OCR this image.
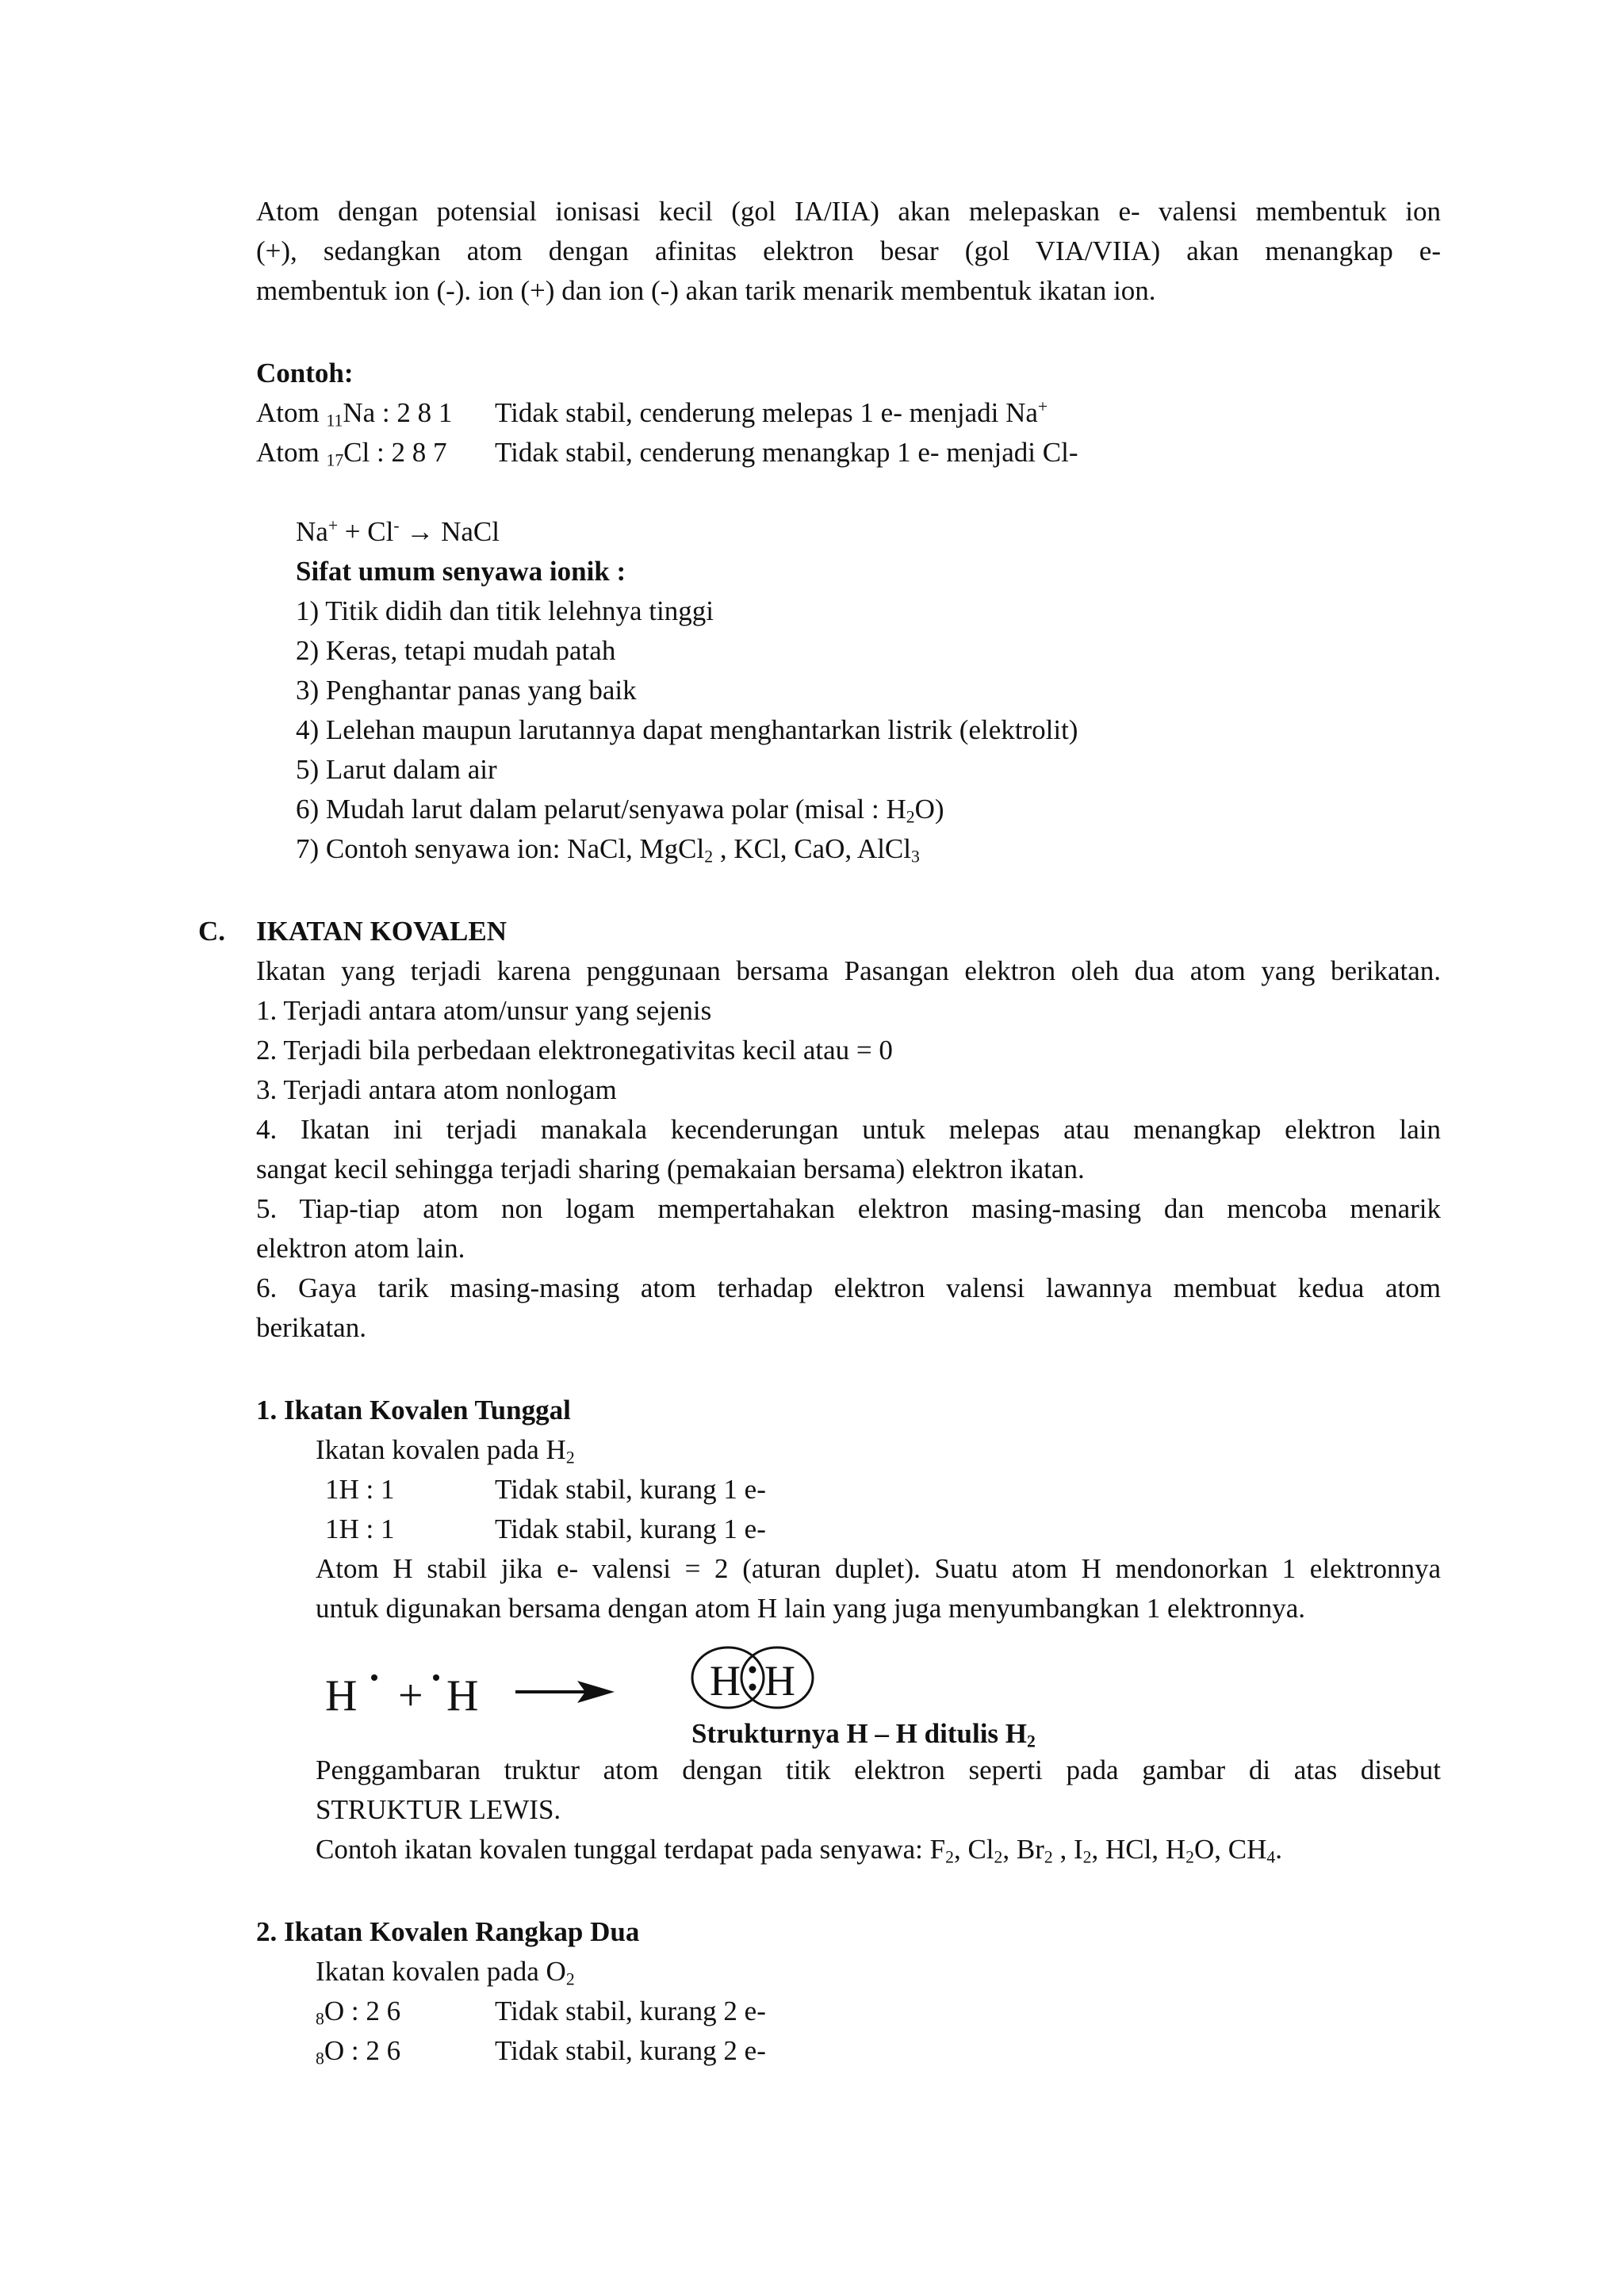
Atom dengan potensial ionisasi kecil (gol IA/IIA) akan melepaskan e- valensi membentuk ion
(+), sedangkan atom dengan afinitas elektron besar (gol VIA/VIIA) akan menangkap e-
membentuk ion (-). ion (+) dan ion (-) akan tarik menarik membentuk ikatan ion.
Contoh:
Atom $_{11}$Na : 2 8 1 Tidak stabil, cenderung melepas 1 e- menjadi Na+
Atom $_{17}$Cl : 2 8 7 Tidak stabil, cenderung menangkap 1 e- menjadi Cl-
Na+ + Cl- → NaCl
Sifat umum senyawa ionik :
1) Titik didih dan titik lelehnya tinggi
2) Keras, tetapi mudah patah
3) Penghantar panas yang baik
4) Lelehan maupun larutannya dapat menghantarkan listrik (elektrolit)
5) Larut dalam air
6) Mudah larut dalam pelarut/senyawa polar (misal : $H_2O$)
7) Contoh senyawa ion: NaCl, MgCl$_2$ , KCl, CaO, AlCl$_3$
C. IKATAN KOVALEN
Ikatan yang terjadi karena penggunaan bersama Pasangan elektron oleh dua atom yang berikatan.
1. Terjadi antara atom/unsur yang sejenis
2. Terjadi bila perbedaan elektronegativitas kecil atau = 0
3. Terjadi antara atom nonlogam
4. Ikatan ini terjadi manakala kecenderungan untuk melepas atau menangkap elektron lain
sangat kecil sehingga terjadi sharing (pemakaian bersama) elektron ikatan.
5. Tiap-tiap atom non logam mempertahakan elektron masing-masing dan mencoba menarik
elektron atom lain.
6. Gaya tarik masing-masing atom terhadap elektron valensi lawannya membuat kedua atom
berikatan.
1. Ikatan Kovalen Tunggal
Ikatan kovalen pada $H_2$
1H : 1	Tidak stabil, kurang 1 e-
1H : 1	Tidak stabil, kurang 1 e-
Atom H stabil jika e- valensi = 2 (aturan duplet). Suatu atom H mendonorkan 1 elektronnya
untuk digunakan bersama dengan atom H lain yang juga menyumbangkan 1 elektronnya.
H + H	H H
Strukturnya H – H ditulis $H_2$
Penggambaran truktur atom dengan titik elektron seperti pada gambar di atas disebut
STRUKTUR LEWIS.
Contoh ikatan kovalen tunggal terdapat pada senyawa: $F_2$, $Cl_2$, $Br_2$ , $I_2$, HCl, $H_2O$, $CH_4$.
2. Ikatan Kovalen Rangkap Dua
Ikatan kovalen pada $O_2$
$_8$O : 2 6	Tidak stabil, kurang 2 e-
$_8$O : 2 6	Tidak stabil, kurang 2 e-
